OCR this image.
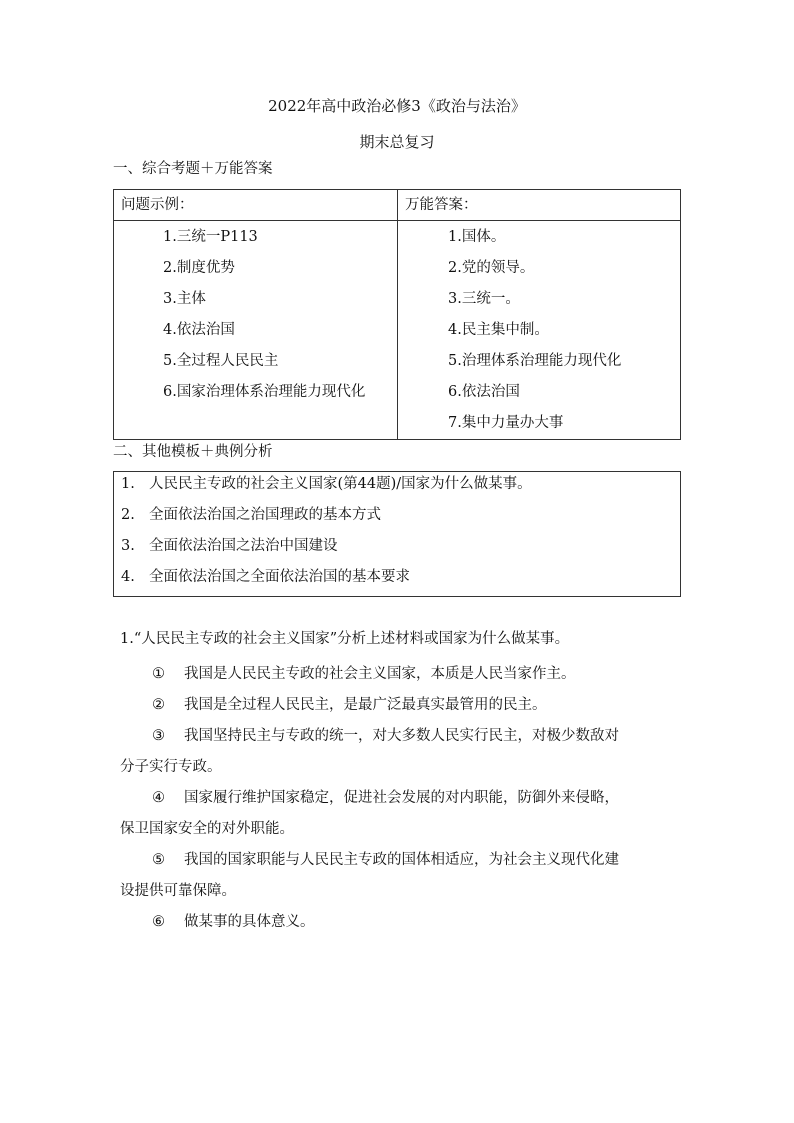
2022年高中政治必修3《政治与法治》
期末总复习
一、综合考题＋万能答案
问题示例：
1.三统一P113
2.制度优势
3.主体
4.依法治国
5.全过程人民民主
6.国家治理体系治理能力现代化
万能答案：
1.国体。
2.党的领导。
3.三统一。
4.民主集中制。
5.治理体系治理能力现代化
6.依法治国
7.集中力量办大事
二、其他模板＋典例分析
1. 人民民主专政的社会主义国家(第44题)/国家为什么做某事。
2. 全面依法治国之治国理政的基本方式
3. 全面依法治国之法治中国建设
4. 全面依法治国之全面依法治国的基本要求
1.“人民民主专政的社会主义国家”分析上述材料或国家为什么做某事。
① 我国是人民民主专政的社会主义国家，本质是人民当家作主。
② 我国是全过程人民民主，是最广泛最真实最管用的民主。
③ 我国坚持民主与专政的统一，对大多数人民实行民主，对极少数敌对
分子实行专政。
④ 国家履行维护国家稳定，促进社会发展的对内职能，防御外来侵略，
保卫国家安全的对外职能。
⑤ 我国的国家职能与人民民主专政的国体相适应，为社会主义现代化建
设提供可靠保障。
⑥ 做某事的具体意义。
